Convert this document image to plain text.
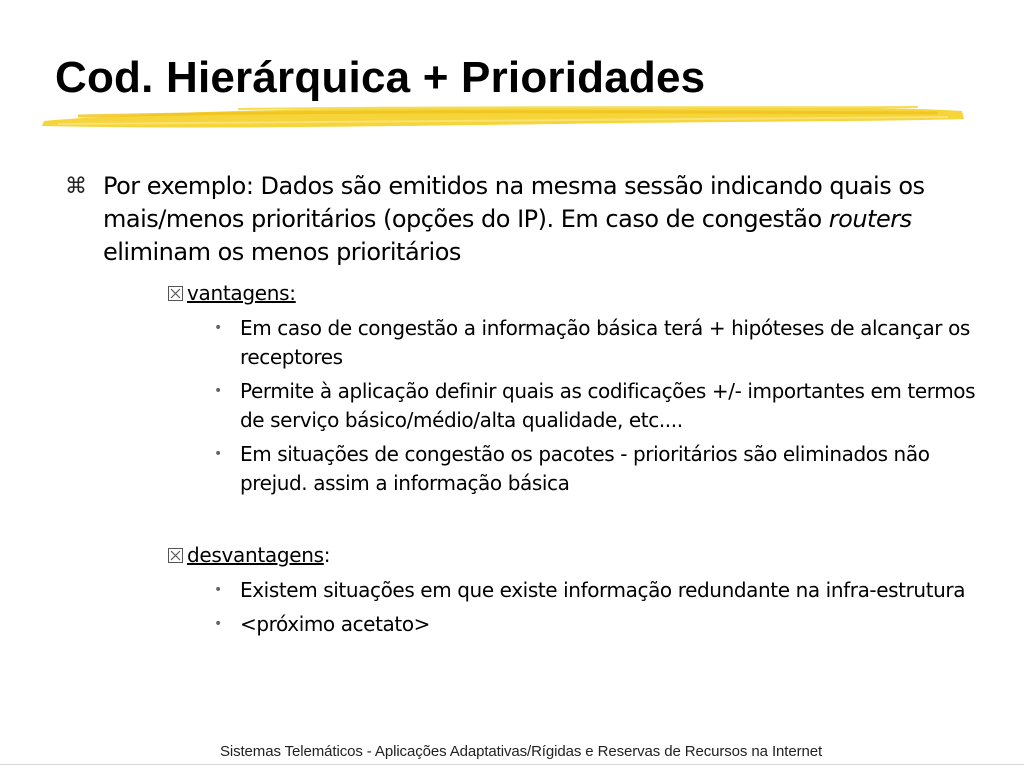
Cod. Hierárquica + Prioridades
⌘ Por exemplo: Dados são emitidos na mesma sessão indicando quais os mais/menos prioritários (opções do IP). Em caso de congestão routers eliminam os menos prioritários
vantagens:
• Em caso de congestão a informação básica terá + hipóteses de alcançar os receptores
• Permite à aplicação definir quais as codificações +/- importantes em termos de serviço básico/médio/alta qualidade, etc....
• Em situações de congestão os pacotes - prioritários são eliminados não prejud. assim a informação básica
desvantagens:
• Existem situações em que existe informação redundante na infra-estrutura
• <próximo acetato>
Sistemas Telemáticos - Aplicações Adaptativas/Rígidas e Reservas de Recursos na Internet
